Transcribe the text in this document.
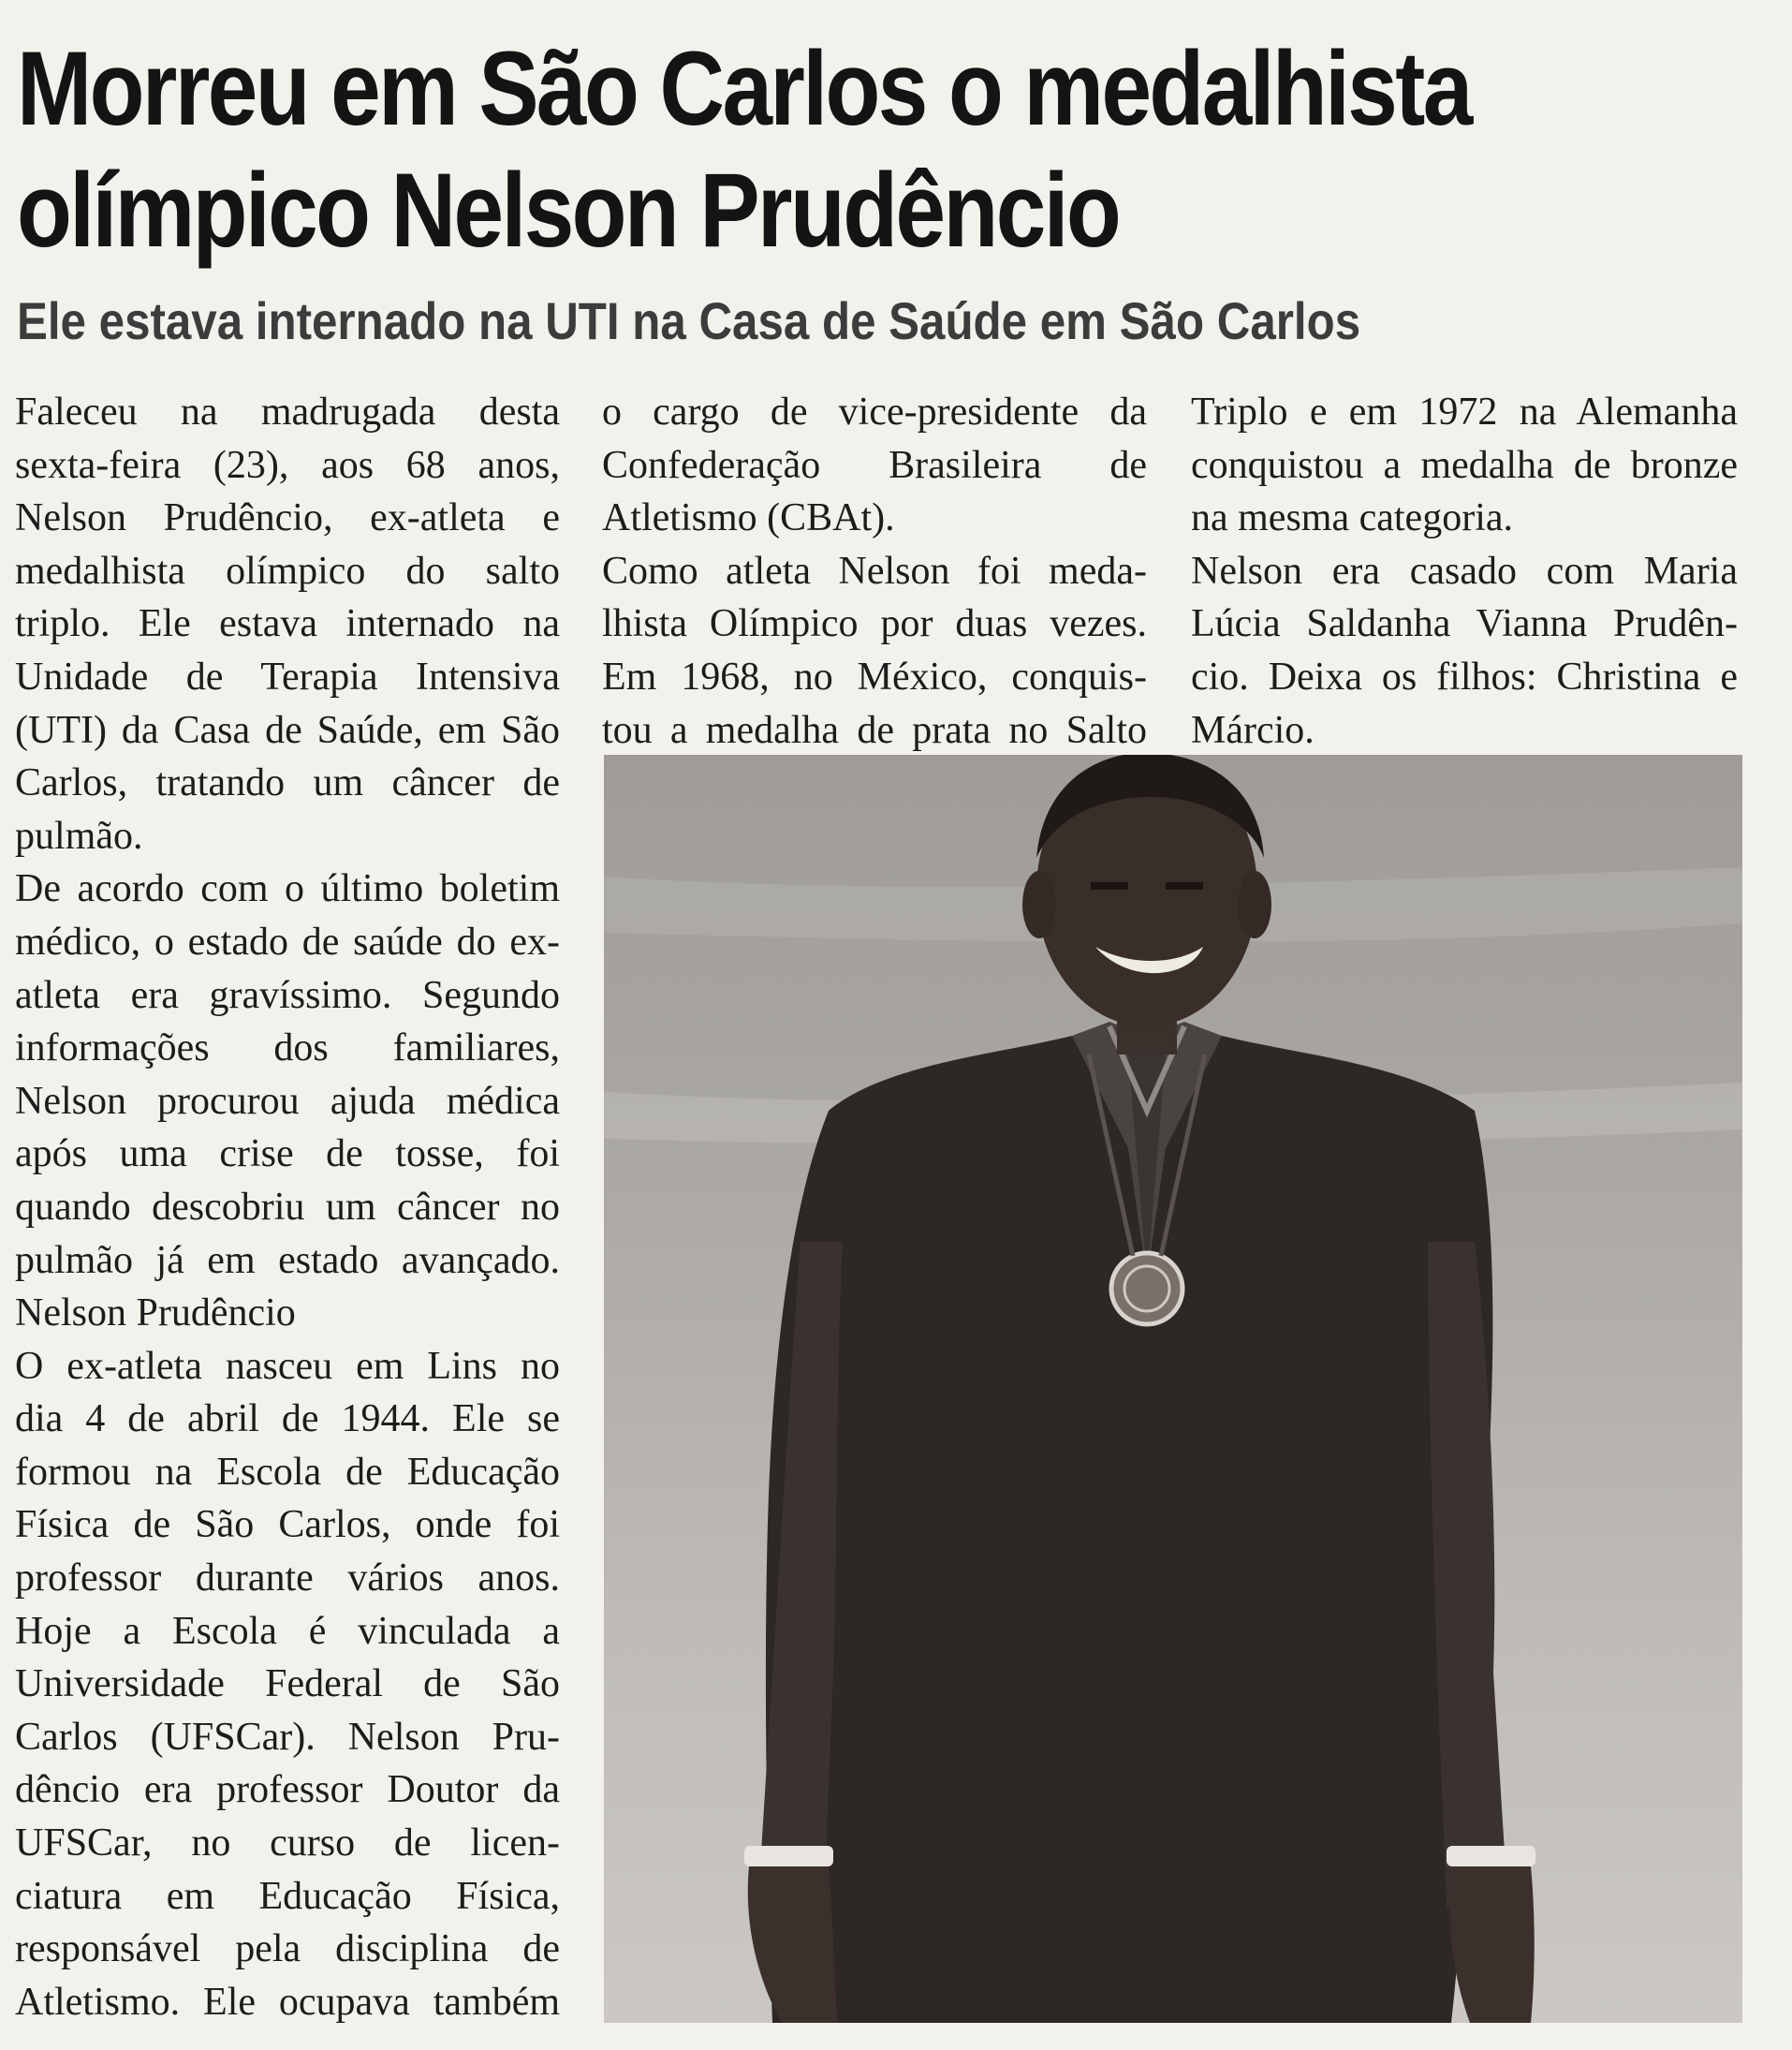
Morreu em São Carlos o medalhista
olímpico Nelson Prudêncio
Ele estava internado na UTI na Casa de Saúde em São Carlos

Faleceu na madrugada desta

sexta-feira (23), aos 68 anos,

Nelson Prudêncio, ex-atleta e

medalhista olímpico do salto

triplo. Ele estava internado na

Unidade de Terapia Intensiva

(UTI) da Casa de Saúde, em São

Carlos, tratando um câncer de

pulmão.

De acordo com o último boletim

médico, o estado de saúde do ex-

atleta era gravíssimo. Segundo

informações dos familiares,

Nelson procurou ajuda médica

após uma crise de tosse, foi

quando descobriu um câncer no

pulmão já em estado avançado.

Nelson Prudêncio

O ex-atleta nasceu em Lins no

dia 4 de abril de 1944. Ele se

formou na Escola de Educação

Física de São Carlos, onde foi

professor durante vários anos.

Hoje a Escola é vinculada a

Universidade Federal de São

Carlos (UFSCar). Nelson Pru-

dêncio era professor Doutor da

UFSCar, no curso de licen-

ciatura em Educação Física,

responsável pela disciplina de

Atletismo. Ele ocupava também

o cargo de vice-presidente da

Confederação Brasileira de

Atletismo (CBAt).

Como atleta Nelson foi meda-

lhista Olímpico por duas vezes.

Em 1968, no México, conquis-

tou a medalha de prata no Salto

Triplo e em 1972 na Alemanha

conquistou a medalha de bronze

na mesma categoria.

Nelson era casado com Maria

Lúcia Saldanha Vianna Prudên-

cio. Deixa os filhos: Christina e

Márcio.
